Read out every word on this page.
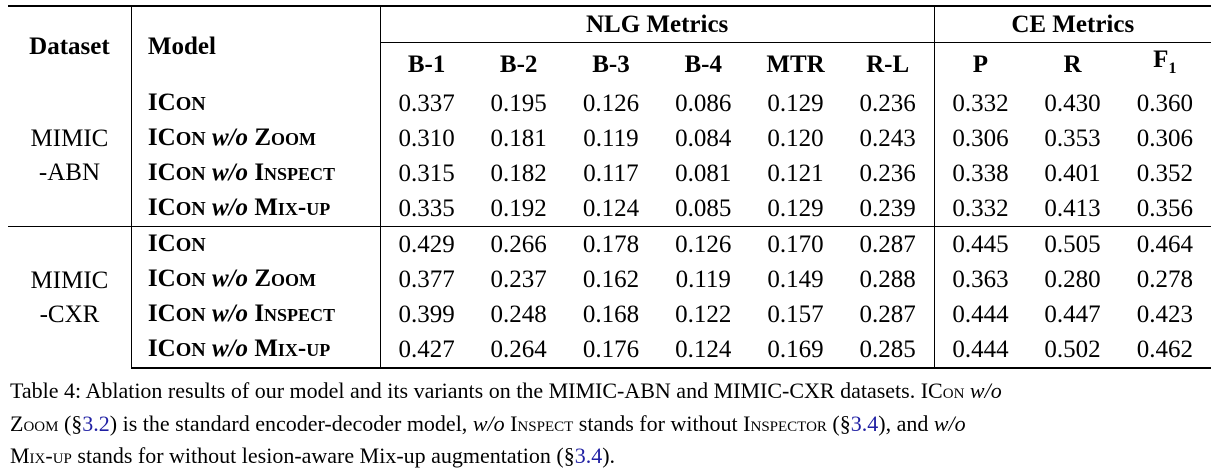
Dataset	Model	NLG Metrics						CE Metrics		
		B-1	B-2	B-3	B-4	MTR	R-L	P	R	$F_1$
MIMIC
-ABN	ICON	0.337	0.195	0.126	0.086	0.129	0.236	0.332	0.430	0.360
	ICON w/o Zoom	0.310	0.181	0.119	0.084	0.120	0.243	0.306	0.353	0.306
	ICON w/o Inspect	0.315	0.182	0.117	0.081	0.121	0.236	0.338	0.401	0.352
	ICON w/o Mix-up	0.335	0.192	0.124	0.085	0.129	0.239	0.332	0.413	0.356
MIMIC
-CXR	ICON	0.429	0.266	0.178	0.126	0.170	0.287	0.445	0.505	0.464
	ICON w/o Zoom	0.377	0.237	0.162	0.119	0.149	0.288	0.363	0.280	0.278
	ICON w/o Inspect	0.399	0.248	0.168	0.122	0.157	0.287	0.444	0.447	0.423
	ICON w/o Mix-up	0.427	0.264	0.176	0.124	0.169	0.285	0.444	0.502	0.462
Table 4: Ablation results of our model and its variants on the MIMIC-ABN and MIMIC-CXR datasets. ICon w/o
Zoom (§3.2) is the standard encoder-decoder model, w/o Inspect stands for without Inspector (§3.4), and w/o
Mix-up stands for without lesion-aware Mix-up augmentation (§3.4).
